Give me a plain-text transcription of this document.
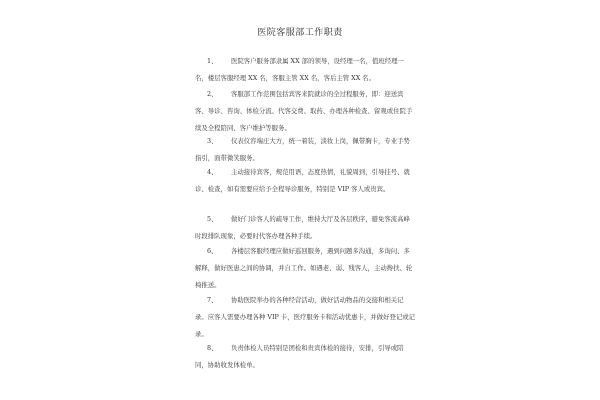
医院客服部工作职责
1、 医院客户服务部隶属 XX 部的领导，设经理一名，值班经理一名，楼层客服经理 XX 名，客服主管 XX 名，客后主管 XX 名。
2、 客服部工作范围包括宾客来院就诊的全过程服务，即：迎送宾客、导诊、咨询、体检分流、代客交费、取药、办理各种检查、留观或住院手续及全程陪同、客户维护等服务。
3、 仪表仪容端庄大方，统一着装，淡妆上岗，佩带胸卡，专业手势指引，面带微笑服务。
4、 主动接待宾客，规范用语，态度热情，礼貌周到，引导挂号、就诊、检查，如有需要应给予全程导诊服务，特别是 VIP 客人或贵宾。
5、 做好门诊客人的疏导工作，维持大厅及各层秩序，避免客流高峰时段排队现象，必要时代客办理各种手续。
6、 各楼层客服经理应做好巡回服务，遇到问题多沟通，多询问、多解释，做好医患之间的协调，并自工作。如遇老、弱、残客人，主动搀扶、轮椅推送。
7、 协助医院举办的各种经营活动，做好活动物品的交接和相关记录。应客人需要办理各种 VIP 卡，医疗服务卡和活动优惠卡，并做好登记或记录。
8、 负责体检人员特别是团检和贵宾体检的接待，安排，引导或陪同，协助收发体检单。
